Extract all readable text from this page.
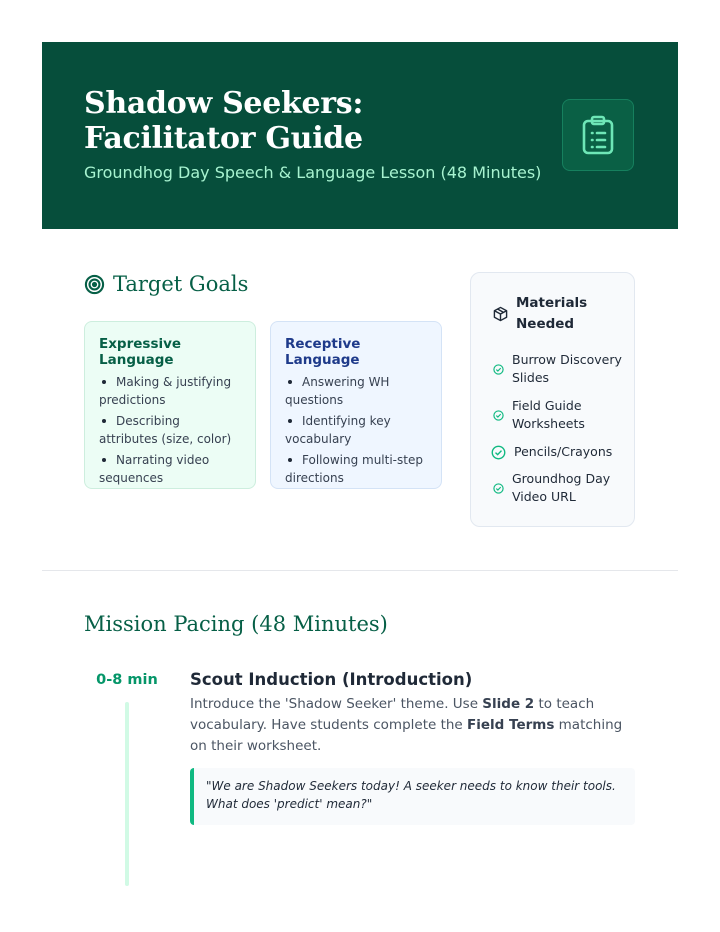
Shadow Seekers: Facilitator Guide
Groundhog Day Speech & Language Lesson (48 Minutes)
Target Goals
Expressive Language
Making & justifying predictions
Describing attributes (size, color)
Narrating video sequences
Receptive Language
Answering WH questions
Identifying key vocabulary
Following multi-step directions
Materials Needed
Burrow Discovery Slides
Field Guide Worksheets
Pencils/Crayons
Groundhog Day Video URL
Mission Pacing (48 Minutes)
0-8 min	Scout Induction (Introduction)

Introduce the 'Shadow Seeker' theme. Use Slide 2 to teach vocabulary. Have students complete the Field Terms matching on their worksheet.

"We are Shadow Seekers today! A seeker needs to know their tools. What does 'predict' mean?"
